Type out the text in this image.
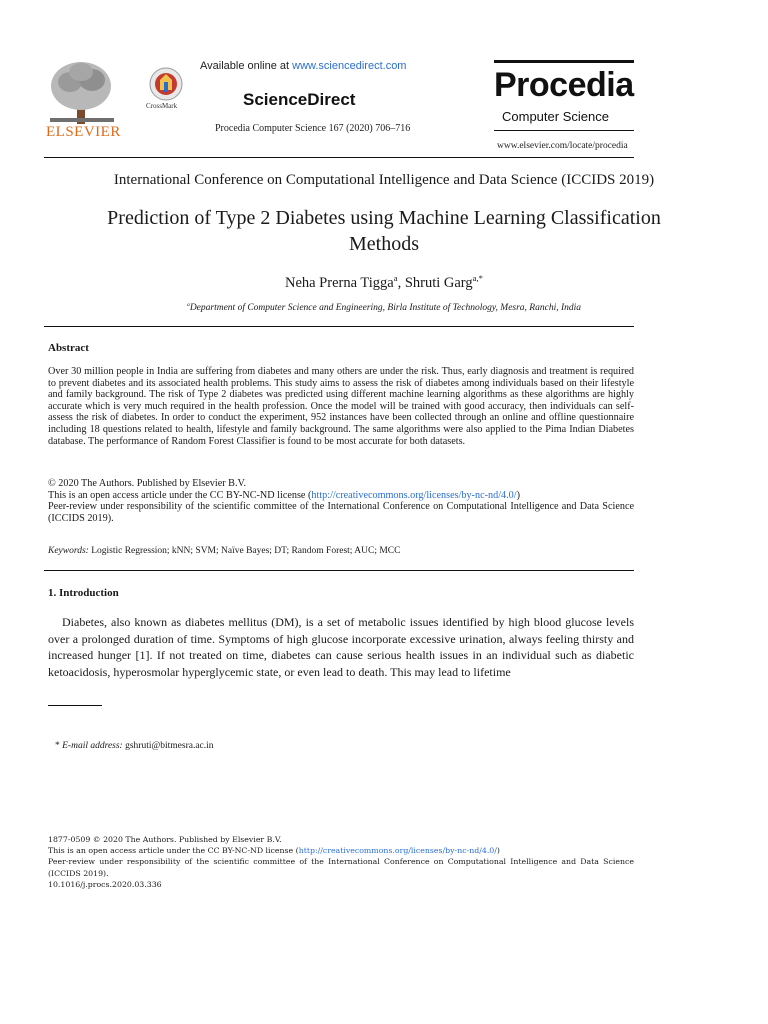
ELSEVIER
CrossMark
Available online at www.sciencedirect.com
ScienceDirect
Procedia Computer Science 167 (2020) 706–716
Procedia
Computer Science
www.elsevier.com/locate/procedia
International Conference on Computational Intelligence and Data Science (ICCIDS 2019)
Prediction of Type 2 Diabetes using Machine Learning Classification Methods
Neha Prerna Tigga$^a$, Shruti Garg$^{a,*}$
$^a$Department of Computer Science and Engineering, Birla Institute of Technology, Mesra, Ranchi, India
Abstract
Over 30 million people in India are suffering from diabetes and many others are under the risk. Thus, early diagnosis and treatment is required to prevent diabetes and its associated health problems. This study aims to assess the risk of diabetes among individuals based on their lifestyle and family background. The risk of Type 2 diabetes was predicted using different machine learning algorithms as these algorithms are highly accurate which is very much required in the health profession. Once the model will be trained with good accuracy, then individuals can self-assess the risk of diabetes. In order to conduct the experiment, 952 instances have been collected through an online and offline questionnaire including 18 questions related to health, lifestyle and family background. The same algorithms were also applied to the Pima Indian Diabetes database. The performance of Random Forest Classifier is found to be most accurate for both datasets.
© 2020 The Authors. Published by Elsevier B.V.
This is an open access article under the CC BY-NC-ND license (http://creativecommons.org/licenses/by-nc-nd/4.0/)
Peer-review under responsibility of the scientific committee of the International Conference on Computational Intelligence and Data Science (ICCIDS 2019).
Keywords: Logistic Regression; kNN; SVM; Naïve Bayes; DT; Random Forest; AUC; MCC
1. Introduction
Diabetes, also known as diabetes mellitus (DM), is a set of metabolic issues identified by high blood glucose levels over a prolonged duration of time. Symptoms of high glucose incorporate excessive urination, always feeling thirsty and increased hunger [1]. If not treated on time, diabetes can cause serious health issues in an individual such as diabetic ketoacidosis, hyperosmolar hyperglycemic state, or even lead to death. This may lead to lifetime
* E-mail address: gshruti@bitmesra.ac.in
1877-0509 © 2020 The Authors. Published by Elsevier B.V.
This is an open access article under the CC BY-NC-ND license (http://creativecommons.org/licenses/by-nc-nd/4.0/)
Peer-review under responsibility of the scientific committee of the International Conference on Computational Intelligence and Data Science (ICCIDS 2019).
10.1016/j.procs.2020.03.336
